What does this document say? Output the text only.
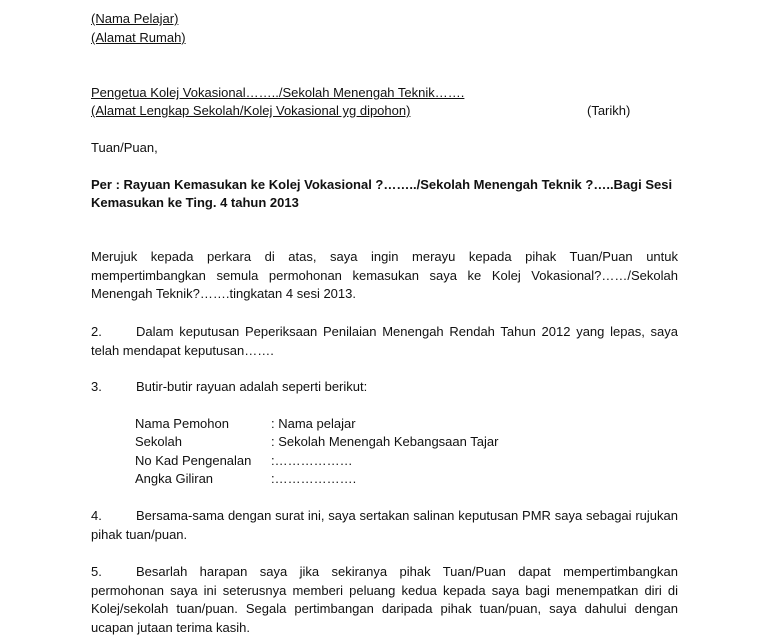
(Nama Pelajar)
(Alamat Rumah)
Pengetua Kolej Vokasional……../Sekolah Menengah Teknik…….
(Alamat Lengkap Sekolah/Kolej Vokasional yg dipohon)	(Tarikh)
Tuan/Puan,
Per : Rayuan Kemasukan ke Kolej Vokasional ?……../Sekolah Menengah Teknik ?…..Bagi Sesi
Kemasukan ke Ting. 4 tahun 2013
Merujuk kepada perkara di atas, saya ingin merayu kepada pihak Tuan/Puan untuk mempertimbangkan semula permohonan kemasukan saya ke Kolej Vokasional?……/Sekolah Menengah Teknik?…….tingkatan 4 sesi 2013.
2.	Dalam keputusan Peperiksaan Penilaian Menengah Rendah Tahun 2012 yang lepas, saya telah mendapat keputusan…….
3.	Butir-butir rayuan adalah seperti berikut:
Nama Pemohon	: Nama pelajar
Sekolah	: Sekolah Menengah Kebangsaan Tajar
No Kad Pengenalan :………………
Angka Giliran	:……………….
4.	Bersama-sama dengan surat ini, saya sertakan salinan keputusan PMR saya sebagai rujukan pihak tuan/puan.
5.	Besarlah harapan saya jika sekiranya pihak Tuan/Puan dapat mempertimbangkan permohonan saya ini seterusnya memberi peluang kedua kepada saya bagi menempatkan diri di Kolej/sekolah tuan/puan. Segala pertimbangan daripada pihak tuan/puan, saya dahului dengan ucapan jutaan terima kasih.
